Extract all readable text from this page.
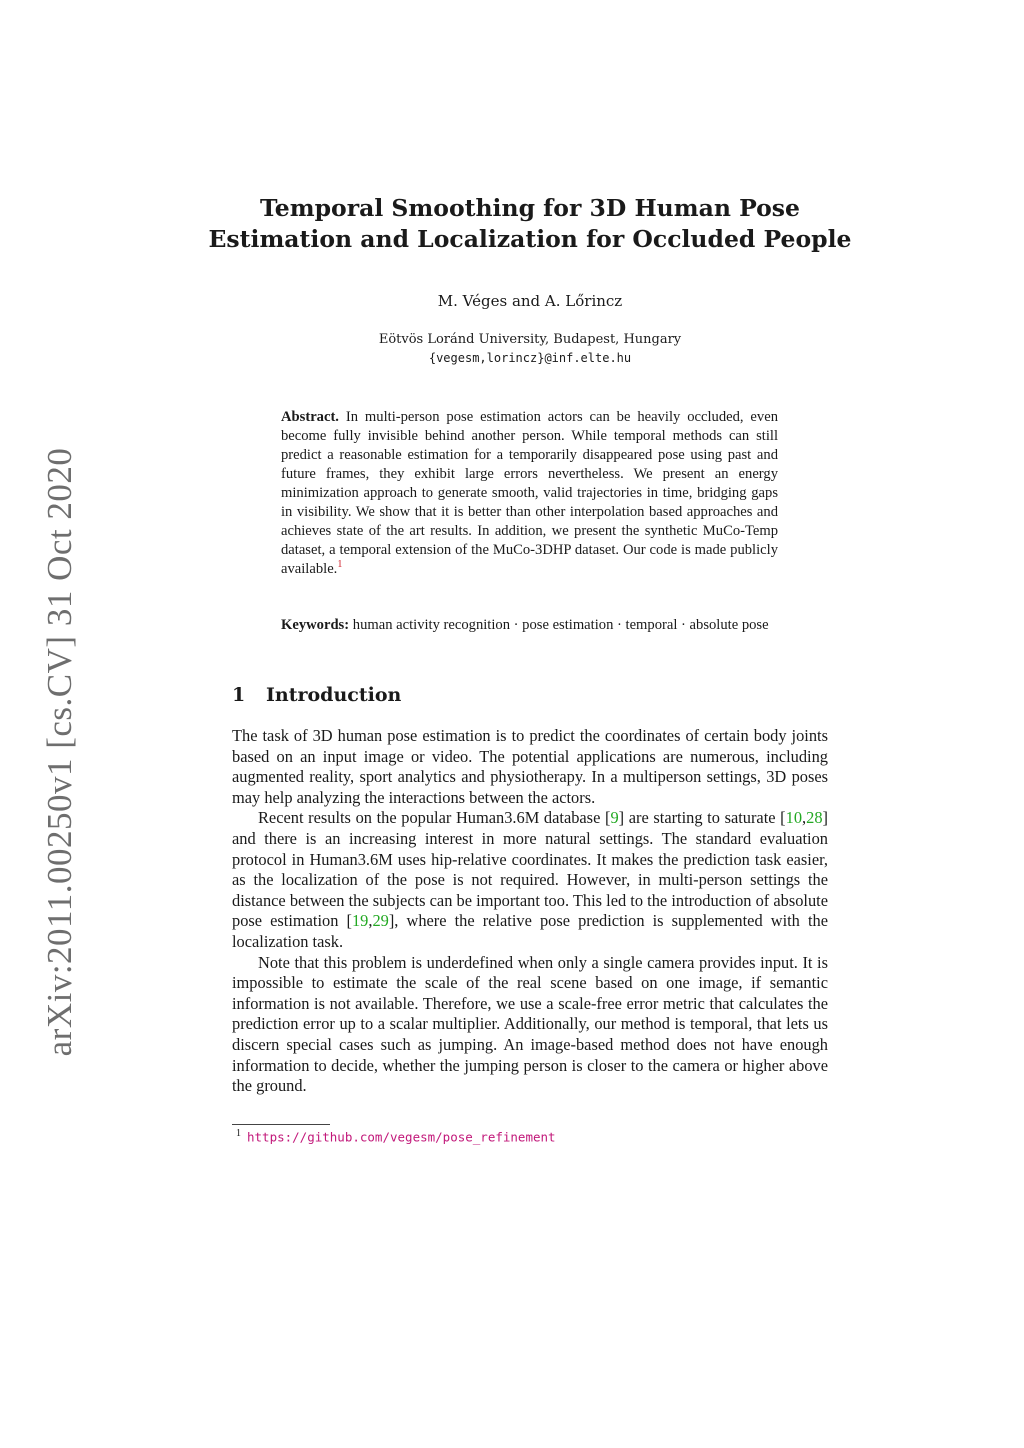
arXiv:2011.00250v1 [cs.CV] 31 Oct 2020
Temporal Smoothing for 3D Human Pose
Estimation and Localization for Occluded People
M. Véges and A. Lőrincz
Eötvös Loránd University, Budapest, Hungary
{vegesm,lorincz}@inf.elte.hu
Abstract. In multi-person pose estimation actors can be heavily occluded, even become fully invisible behind another person. While temporal methods can still predict a reasonable estimation for a temporarily disappeared pose using past and future frames, they exhibit large errors nevertheless. We present an energy minimization approach to generate smooth, valid trajectories in time, bridging gaps in visibility. We show that it is better than other interpolation based approaches and achieves state of the art results. In addition, we present the synthetic MuCo-Temp dataset, a temporal extension of the MuCo-3DHP dataset. Our code is made publicly available.$^1$
Keywords: human activity recognition · pose estimation · temporal · absolute pose
1 Introduction

The task of 3D human pose estimation is to predict the coordinates of certain body joints based on an input image or video. The potential applications are numerous, including augmented reality, sport analytics and physiotherapy. In a multiperson settings, 3D poses may help analyzing the interactions between the actors.

Recent results on the popular Human3.6M database [9] are starting to saturate [10,28] and there is an increasing interest in more natural settings. The standard evaluation protocol in Human3.6M uses hip-relative coordinates. It makes the prediction task easier, as the localization of the pose is not required. However, in multi-person settings the distance between the subjects can be important too. This led to the introduction of absolute pose estimation [19,29], where the relative pose prediction is supplemented with the localization task.

Note that this problem is underdefined when only a single camera provides input. It is impossible to estimate the scale of the real scene based on one image, if semantic information is not available. Therefore, we use a scale-free error metric that calculates the prediction error up to a scalar multiplier. Additionally, our method is temporal, that lets us discern special cases such as jumping. An image-based method does not have enough information to decide, whether the jumping person is closer to the camera or higher above the ground.

$^1$ https://github.com/vegesm/pose_refinement
